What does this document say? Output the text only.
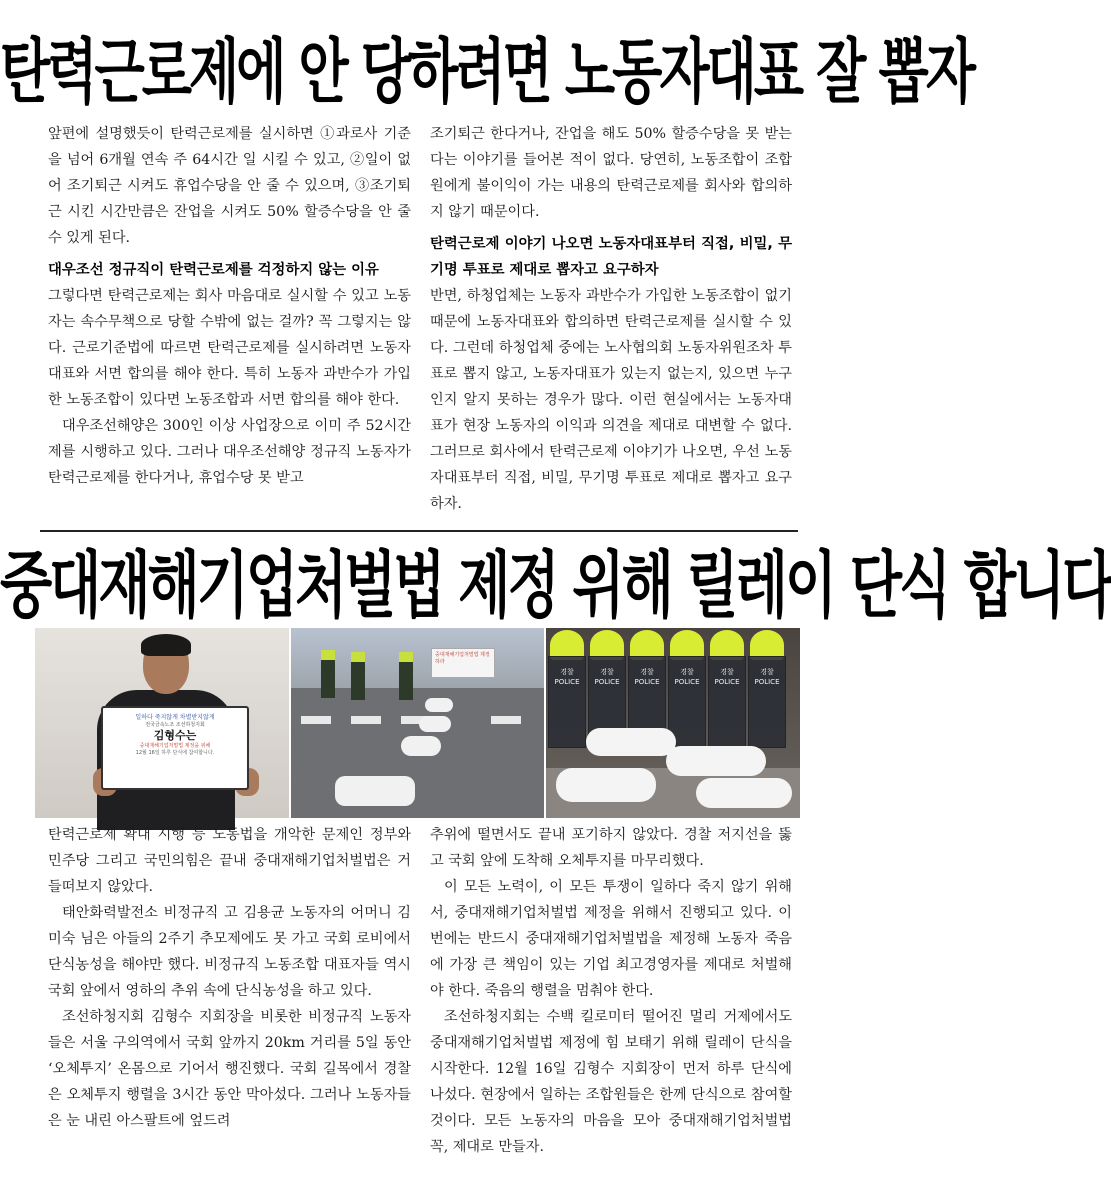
탄력근로제에 안 당하려면 노동자대표 잘 뽑자

앞편에 설명했듯이 탄력근로제를 실시하면 ①과로사 기준을 넘어 6개월 연속 주 64시간 일 시킬 수 있고, ②일이 없어 조기퇴근 시켜도 휴업수당을 안 줄 수 있으며, ③조기퇴근 시킨 시간만큼은 잔업을 시켜도 50% 할증수당을 안 줄 수 있게 된다.

대우조선 정규직이 탄력근로제를 걱정하지 않는 이유

그렇다면 탄력근로제는 회사 마음대로 실시할 수 있고 노동자는 속수무책으로 당할 수밖에 없는 걸까? 꼭 그렇지는 않다. 근로기준법에 따르면 탄력근로제를 실시하려면 노동자대표와 서면 합의를 해야 한다. 특히 노동자 과반수가 가입한 노동조합이 있다면 노동조합과 서면 합의를 해야 한다.

대우조선해양은 300인 이상 사업장으로 이미 주 52시간제를 시행하고 있다. 그러나 대우조선해양 정규직 노동자가 탄력근로제를 한다거나, 휴업수당 못 받고

조기퇴근 한다거나, 잔업을 해도 50% 할증수당을 못 받는다는 이야기를 들어본 적이 없다. 당연히, 노동조합이 조합원에게 불이익이 가는 내용의 탄력근로제를 회사와 합의하지 않기 때문이다.

탄력근로제 이야기 나오면 노동자대표부터 직접, 비밀, 무기명 투표로 제대로 뽑자고 요구하자

반면, 하청업체는 노동자 과반수가 가입한 노동조합이 없기 때문에 노동자대표와 합의하면 탄력근로제를 실시할 수 있다. 그런데 하청업체 중에는 노사협의회 노동자위원조차 투표로 뽑지 않고, 노동자대표가 있는지 없는지, 있으면 누구인지 알지 못하는 경우가 많다. 이런 현실에서는 노동자대표가 현장 노동자의 이익과 의견을 제대로 대변할 수 없다. 그러므로 회사에서 탄력근로제 이야기가 나오면, 우선 노동자대표부터 직접, 비밀, 무기명 투표로 제대로 뽑자고 요구하자.

중대재해기업처벌법 제정 위해 릴레이 단식 합니다
일하다 죽지않게 차별받지않게
전국금속노조 조선하청지회
김형수는
중대재해기업처벌법 제정을 위해
12월 16일 하루 단식에 참여합니다.
중대재해기업처벌법 제정하라
경찰 POLICE
경찰 POLICE
경찰 POLICE
경찰 POLICE
경찰 POLICE
경찰 POLICE

탄력근로제 확대 시행 등 노동법을 개악한 문제인 정부와 민주당 그리고 국민의힘은 끝내 중대재해기업처벌법은 거들떠보지 않았다.

태안화력발전소 비정규직 고 김용균 노동자의 어머니 김미숙 님은 아들의 2주기 추모제에도 못 가고 국회 로비에서 단식농성을 해야만 했다. 비정규직 노동조합 대표자들 역시 국회 앞에서 영하의 추위 속에 단식농성을 하고 있다.

조선하청지회 김형수 지회장을 비롯한 비정규직 노동자들은 서울 구의역에서 국회 앞까지 20km 거리를 5일 동안 ‘오체투지’ 온몸으로 기어서 행진했다. 국회 길목에서 경찰은 오체투지 행렬을 3시간 동안 막아섰다. 그러나 노동자들은 눈 내린 아스팔트에 엎드려

추위에 떨면서도 끝내 포기하지 않았다. 경찰 저지선을 뚫고 국회 앞에 도착해 오체투지를 마무리했다.

이 모든 노력이, 이 모든 투쟁이 일하다 죽지 않기 위해서, 중대재해기업처벌법 제정을 위해서 진행되고 있다. 이번에는 반드시 중대재해기업처벌법을 제정해 노동자 죽음에 가장 큰 책임이 있는 기업 최고경영자를 제대로 처벌해야 한다. 죽음의 행렬을 멈춰야 한다.

조선하청지회는 수백 킬로미터 떨어진 멀리 거제에서도 중대재해기업처벌법 제정에 힘 보태기 위해 릴레이 단식을 시작한다. 12월 16일 김형수 지회장이 먼저 하루 단식에 나섰다. 현장에서 일하는 조합원들은 한께 단식으로 참여할 것이다. 모든 노동자의 마음을 모아 중대재해기업처벌법 꼭, 제대로 만들자.
